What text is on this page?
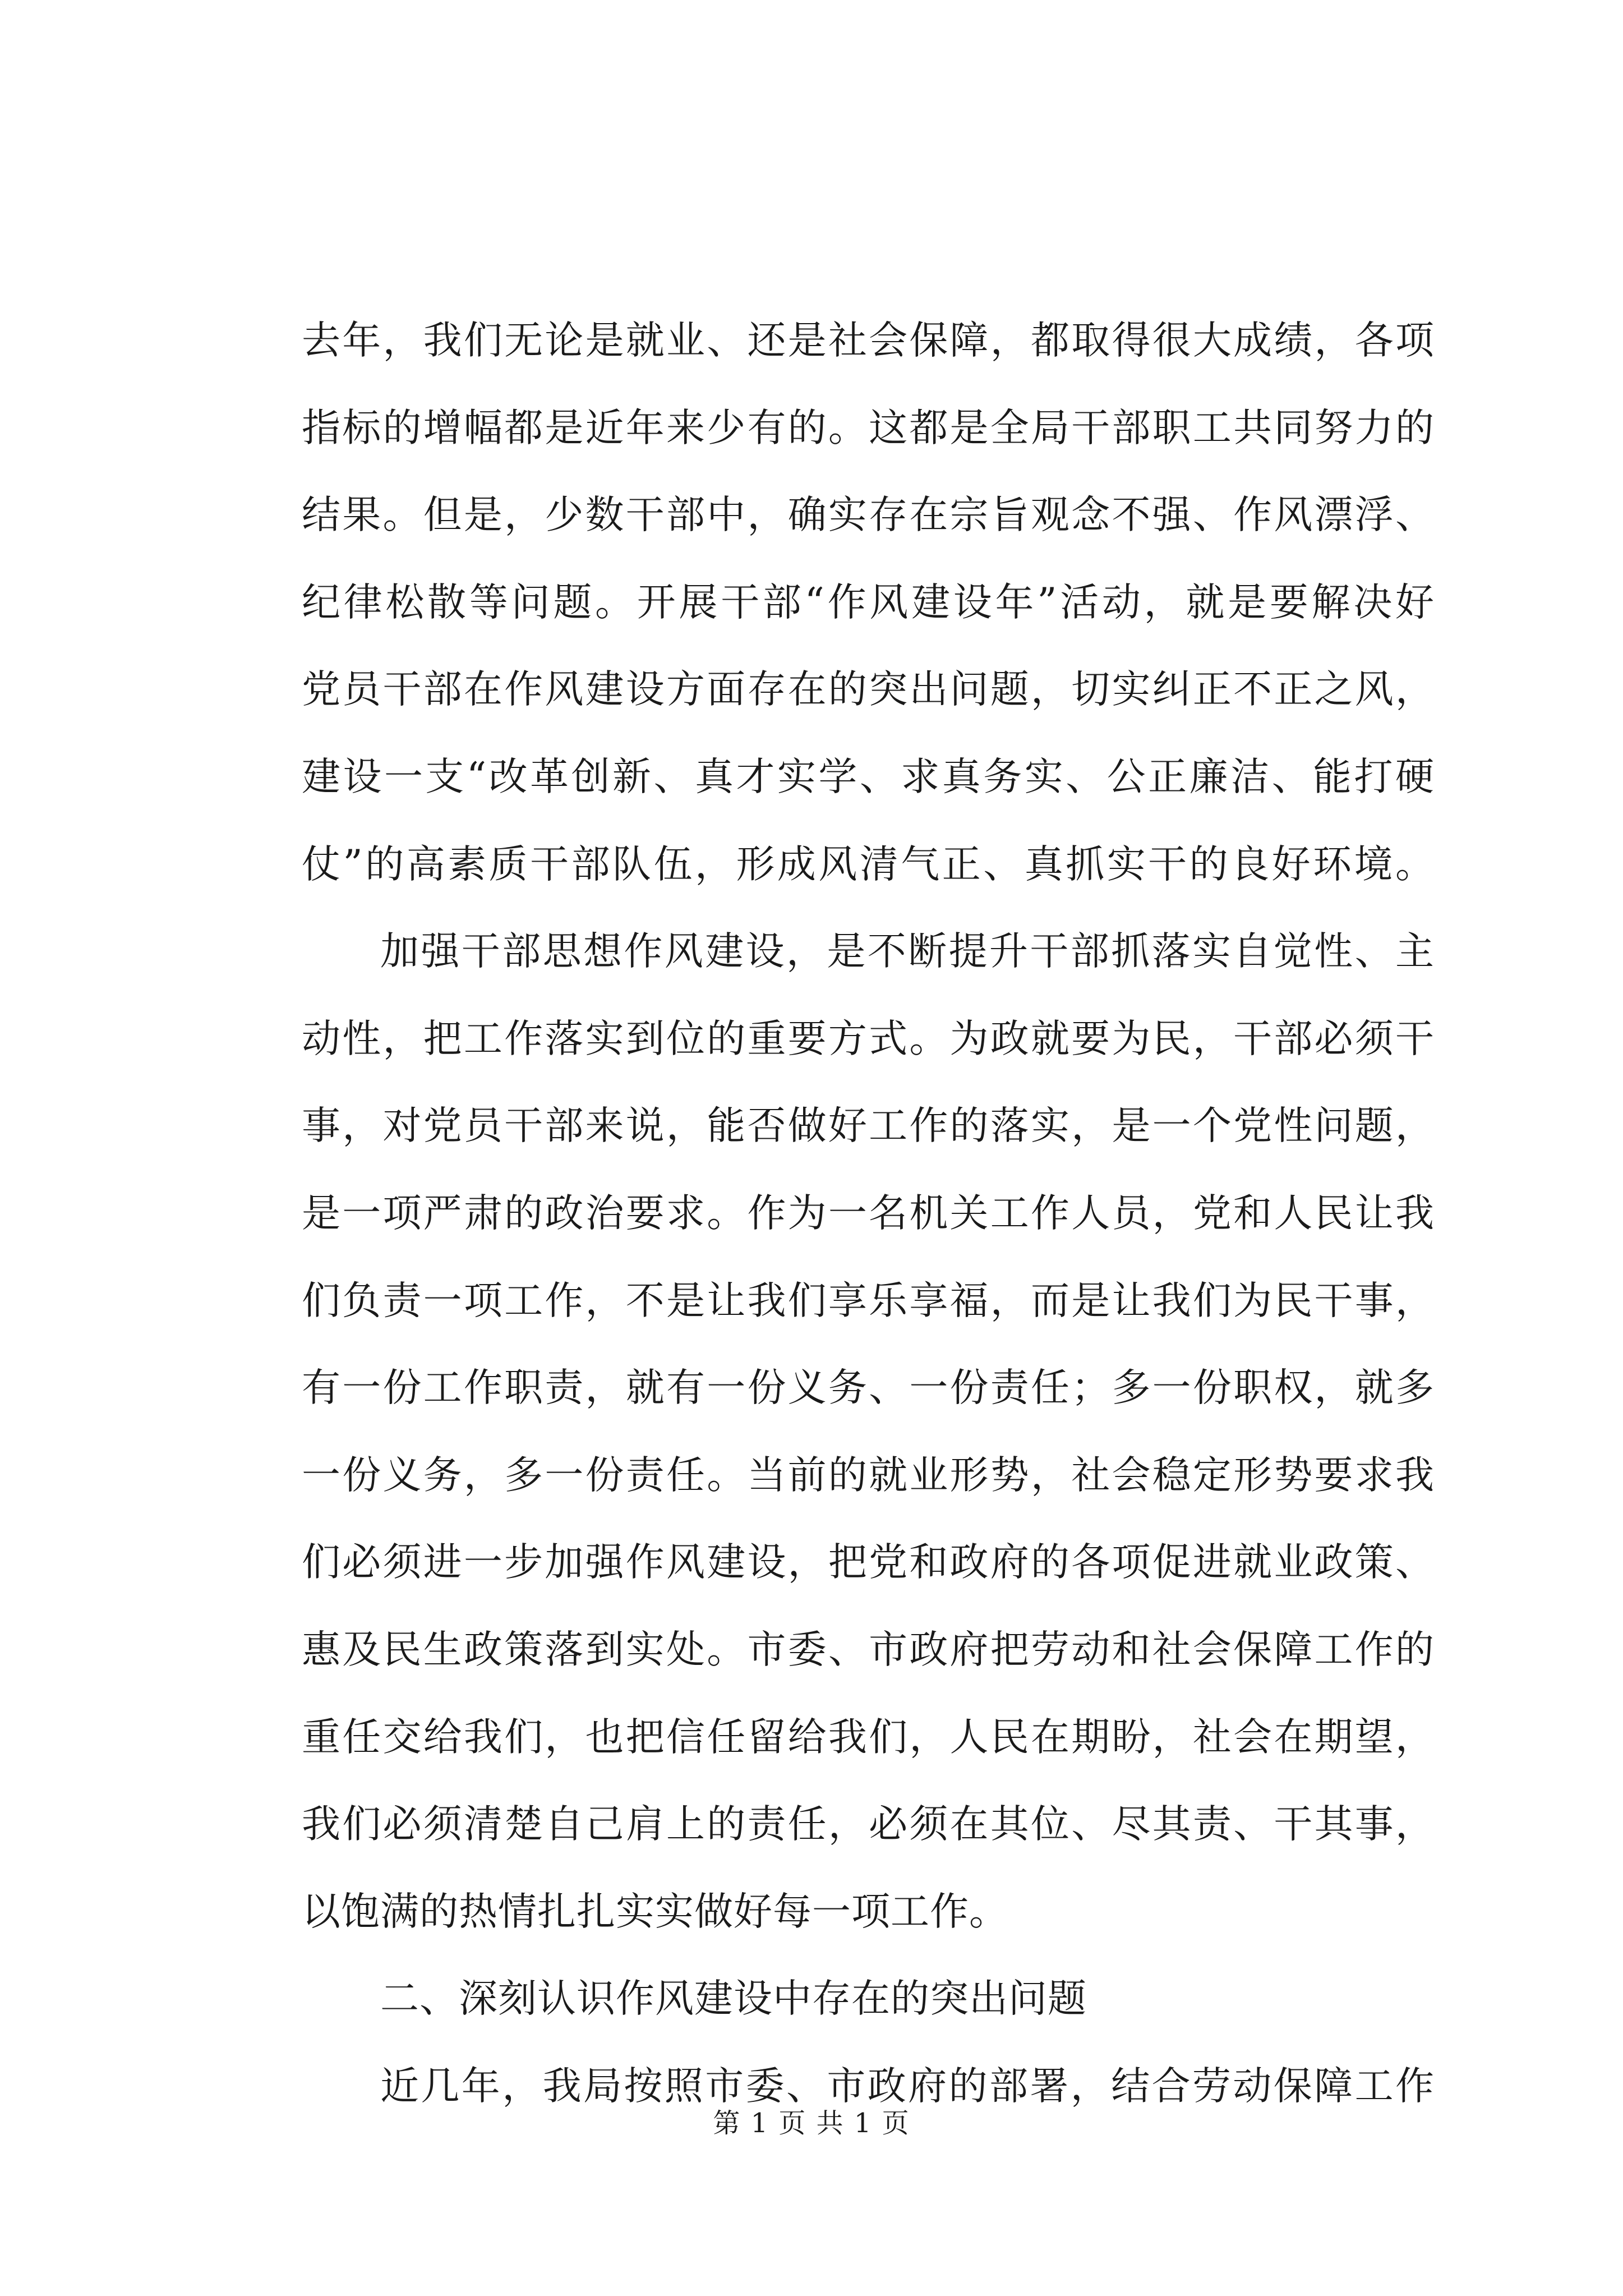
去年，我们无论是就业、还是社会保障，都取得很大成绩，各项
指标的增幅都是近年来少有的。这都是全局干部职工共同努力的
结果。但是，少数干部中，确实存在宗旨观念不强、作风漂浮、
纪律松散等问题。开展干部“作风建设年”活动，就是要解决好
党员干部在作风建设方面存在的突出问题，切实纠正不正之风，
建设一支“改革创新、真才实学、求真务实、公正廉洁、能打硬
仗”的高素质干部队伍，形成风清气正、真抓实干的良好环境。
加强干部思想作风建设，是不断提升干部抓落实自觉性、主
动性，把工作落实到位的重要方式。为政就要为民，干部必须干
事，对党员干部来说，能否做好工作的落实，是一个党性问题，
是一项严肃的政治要求。作为一名机关工作人员，党和人民让我
们负责一项工作，不是让我们享乐享福，而是让我们为民干事，
有一份工作职责，就有一份义务、一份责任；多一份职权，就多
一份义务，多一份责任。当前的就业形势，社会稳定形势要求我
们必须进一步加强作风建设，把党和政府的各项促进就业政策、
惠及民生政策落到实处。市委、市政府把劳动和社会保障工作的
重任交给我们，也把信任留给我们，人民在期盼，社会在期望，
我们必须清楚自己肩上的责任，必须在其位、尽其责、干其事，
以饱满的热情扎扎实实做好每一项工作。
二、深刻认识作风建设中存在的突出问题
近几年，我局按照市委、市政府的部署，结合劳动保障工作
第 1 页 共 1 页
